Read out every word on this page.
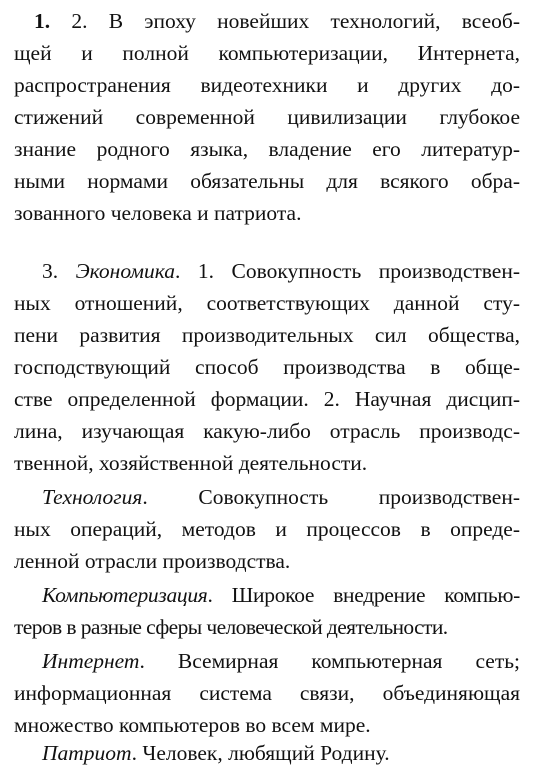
1. 2. В эпоху новейших технологий, всеоб-
щей и полной компьютеризации, Интернета,
распространения видеотехники и других до-
стижений современной цивилизации глубокое
знание родного языка, владение его литератур-
ными нормами обязательны для всякого обра-
зованного человека и патриота.
3. Экономика. 1. Совокупность производствен-
ных отношений, соответствующих данной сту-
пени развития производительных сил общества,
господствующий способ производства в обще-
стве определенной формации. 2. Научная дисцип-
лина, изучающая какую-либо отрасль производс-
твенной, хозяйственной деятельности.
Технология. Совокупность производствен-
ных операций, методов и процессов в опреде-
ленной отрасли производства.
Компьютеризация. Широкое внедрение компью-
теров в разные сферы человеческой деятельности.
Интернет. Всемирная компьютерная сеть;
информационная система связи, объединяющая
множество компьютеров во всем мире.
Патриот. Человек, любящий Родину.
